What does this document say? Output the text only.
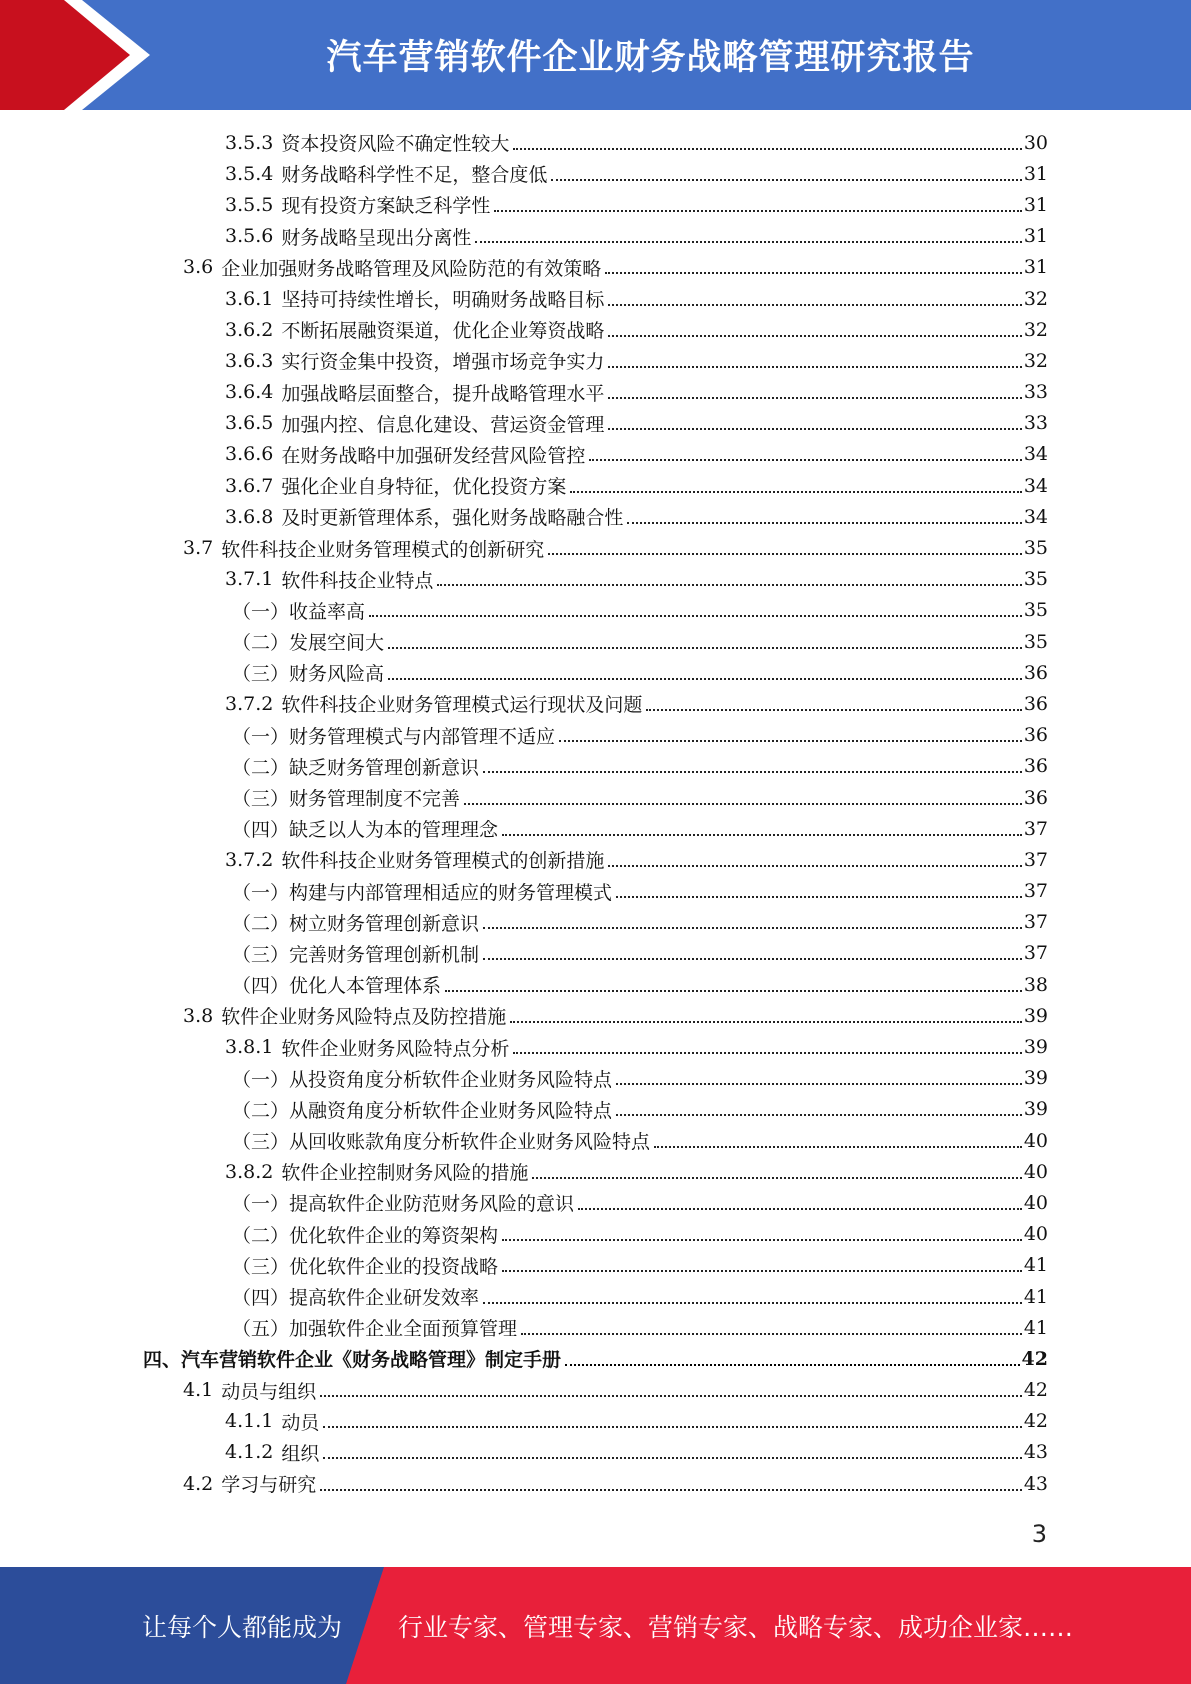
汽车营销软件企业财务战略管理研究报告
3.5.3 资本投资风险不确定性较大	30
3.5.4 财务战略科学性不足，整合度低	31
3.5.5 现有投资方案缺乏科学性	31
3.5.6 财务战略呈现出分离性	31
3.6 企业加强财务战略管理及风险防范的有效策略	31
3.6.1 坚持可持续性增长，明确财务战略目标	32
3.6.2 不断拓展融资渠道，优化企业筹资战略	32
3.6.3 实行资金集中投资，增强市场竞争实力	32
3.6.4 加强战略层面整合，提升战略管理水平	33
3.6.5 加强内控、信息化建设、营运资金管理	33
3.6.6 在财务战略中加强研发经营风险管控	34
3.6.7 强化企业自身特征，优化投资方案	34
3.6.8 及时更新管理体系，强化财务战略融合性	34
3.7 软件科技企业财务管理模式的创新研究	35
3.7.1 软件科技企业特点	35
（一） 收益率高	35
（二） 发展空间大	35
（三） 财务风险高	36
3.7.2 软件科技企业财务管理模式运行现状及问题	36
（一） 财务管理模式与内部管理不适应	36
（二） 缺乏财务管理创新意识	36
（三） 财务管理制度不完善	36
（四） 缺乏以人为本的管理理念	37
3.7.2 软件科技企业财务管理模式的创新措施	37
（一） 构建与内部管理相适应的财务管理模式	37
（二） 树立财务管理创新意识	37
（三） 完善财务管理创新机制	37
（四） 优化人本管理体系	38
3.8 软件企业财务风险特点及防控措施	39
3.8.1 软件企业财务风险特点分析	39
（一） 从投资角度分析软件企业财务风险特点	39
（二） 从融资角度分析软件企业财务风险特点	39
（三） 从回收账款角度分析软件企业财务风险特点	40
3.8.2 软件企业控制财务风险的措施	40
（一） 提高软件企业防范财务风险的意识	40
（二） 优化软件企业的筹资架构	40
（三） 优化软件企业的投资战略	41
（四） 提高软件企业研发效率	41
（五） 加强软件企业全面预算管理	41
四、 汽车营销软件企业《财务战略管理》制定手册	42
4.1 动员与组织	42
4.1.1 动员	42
4.1.2 组织	43
4.2 学习与研究	43
3
让每个人都能成为 行业专家、管理专家、营销专家、战略专家、成功企业家……
